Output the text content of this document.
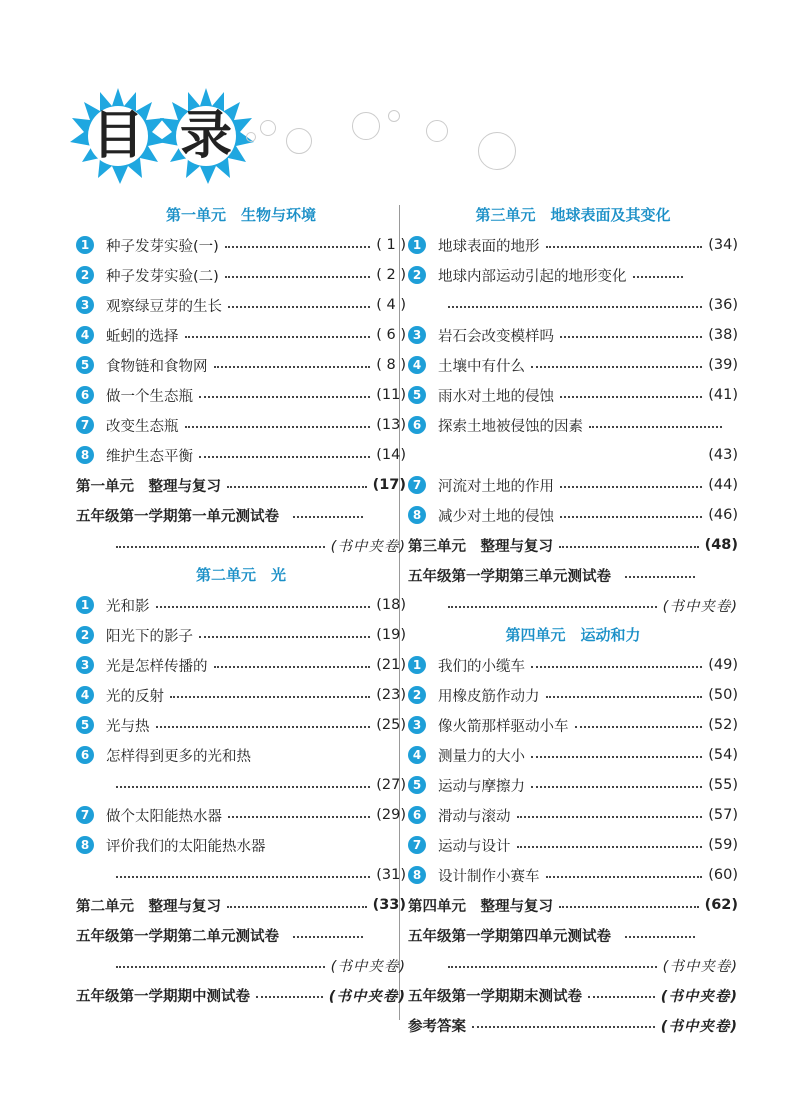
目 录
第一单元　生物与环境
1	种子发芽实验(一)	( 1 )
2	种子发芽实验(二)	( 2 )
3	观察绿豆芽的生长	( 4 )
4	蚯蚓的选择	( 6 )
5	食物链和食物网	( 8 )
6	做一个生态瓶	(11)
7	改变生态瓶	(13)
8	维护生态平衡	(14)
第一单元　整理与复习	(17)
五年级第一学期第一单元测试卷
(书中夹卷)
第二单元　光
1	光和影	(18)
2	阳光下的影子	(19)
3	光是怎样传播的	(21)
4	光的反射	(23)
5	光与热	(25)
6	怎样得到更多的光和热
(27)
7	做个太阳能热水器	(29)
8	评价我们的太阳能热水器
(31)
第二单元　整理与复习	(33)
五年级第一学期第二单元测试卷
(书中夹卷)
五年级第一学期期中测试卷	(书中夹卷)
第三单元　地球表面及其变化
1	地球表面的地形	(34)
2	地球内部运动引起的地形变化
(36)
3	岩石会改变模样吗	(38)
4	土壤中有什么	(39)
5	雨水对土地的侵蚀	(41)
6	探索土地被侵蚀的因素
(43)
7	河流对土地的作用	(44)
8	减少对土地的侵蚀	(46)
第三单元　整理与复习	(48)
五年级第一学期第三单元测试卷
(书中夹卷)
第四单元　运动和力
1	我们的小缆车	(49)
2	用橡皮筋作动力	(50)
3	像火箭那样驱动小车	(52)
4	测量力的大小	(54)
5	运动与摩擦力	(55)
6	滑动与滚动	(57)
7	运动与设计	(59)
8	设计制作小赛车	(60)
第四单元　整理与复习	(62)
五年级第一学期第四单元测试卷
(书中夹卷)
五年级第一学期期末测试卷	(书中夹卷)
参考答案	(书中夹卷)
